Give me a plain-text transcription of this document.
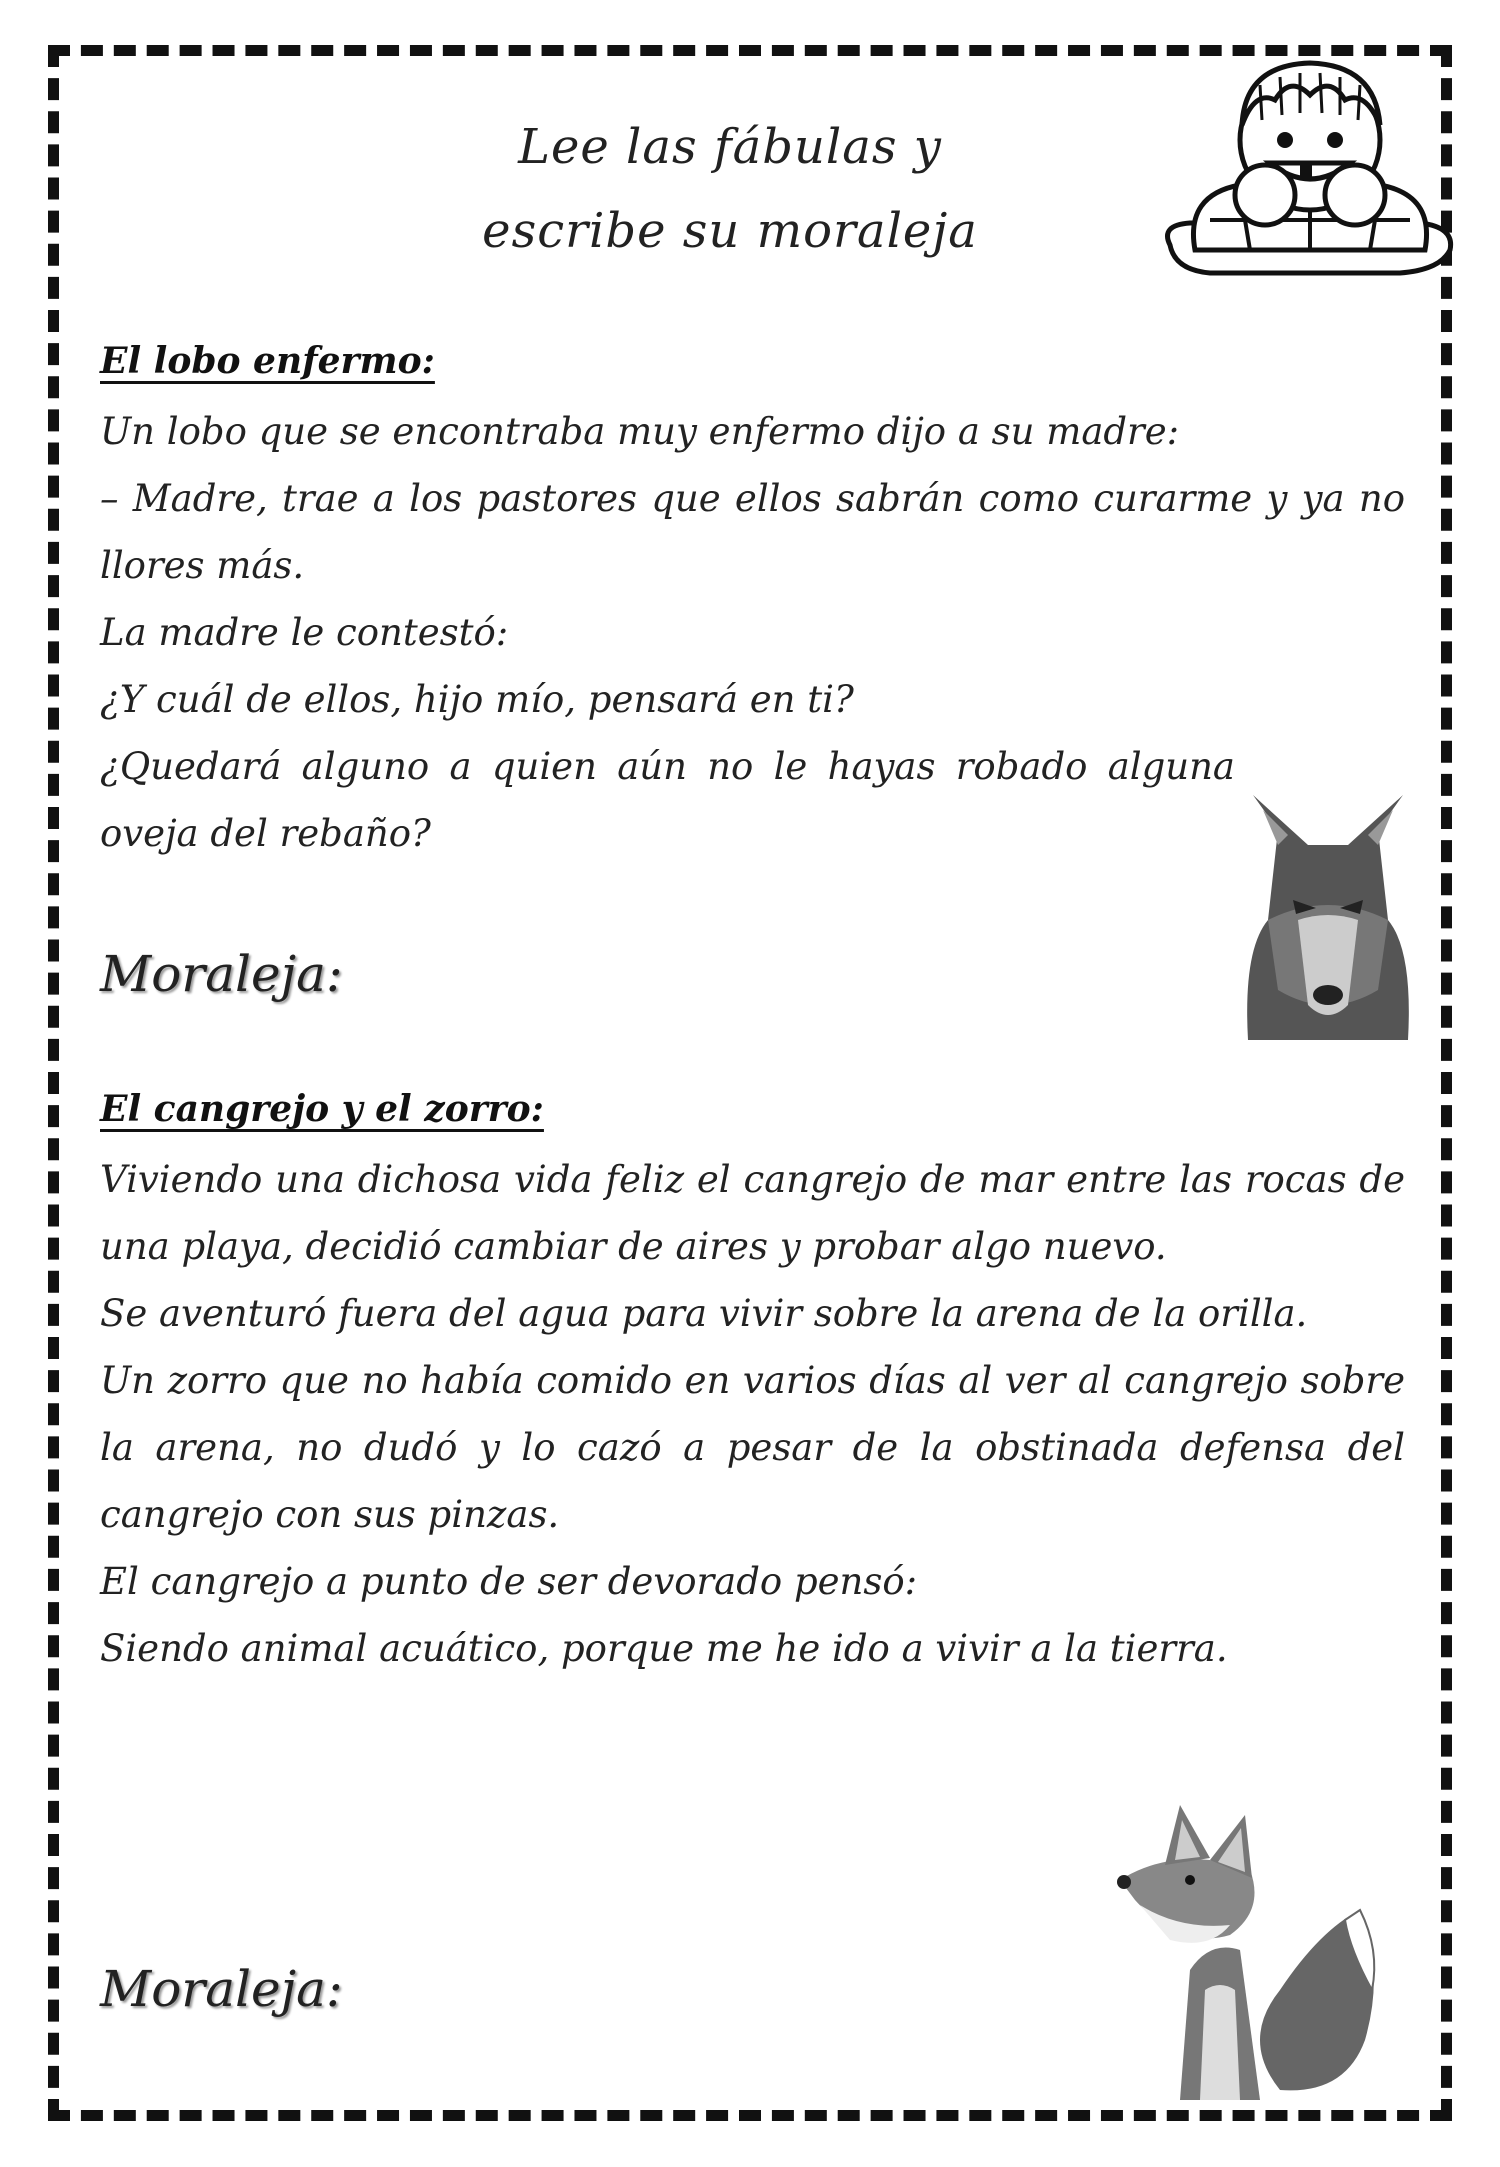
Lee las fábulas y
escribe su moraleja
El lobo enfermo:

Un lobo que se encontraba muy enfermo dijo a su madre:

– Madre, trae a los pastores que ellos sabrán como curarme y ya no llores más.

La madre le contestó:

¿Y cuál de ellos, hijo mío, pensará en ti?

¿Quedará alguno a quien aún no le hayas robado alguna oveja del rebaño?

Moraleja:
El cangrejo y el zorro:

Viviendo una dichosa vida feliz el cangrejo de mar entre las rocas de una playa, decidió cambiar de aires y probar algo nuevo.

Se aventuró fuera del agua para vivir sobre la arena de la orilla.

Un zorro que no había comido en varios días al ver al cangrejo sobre la arena, no dudó y lo cazó a pesar de la obstinada defensa del cangrejo con sus pinzas.

El cangrejo a punto de ser devorado pensó:

Siendo animal acuático, porque me he ido a vivir a la tierra.

Moraleja:
